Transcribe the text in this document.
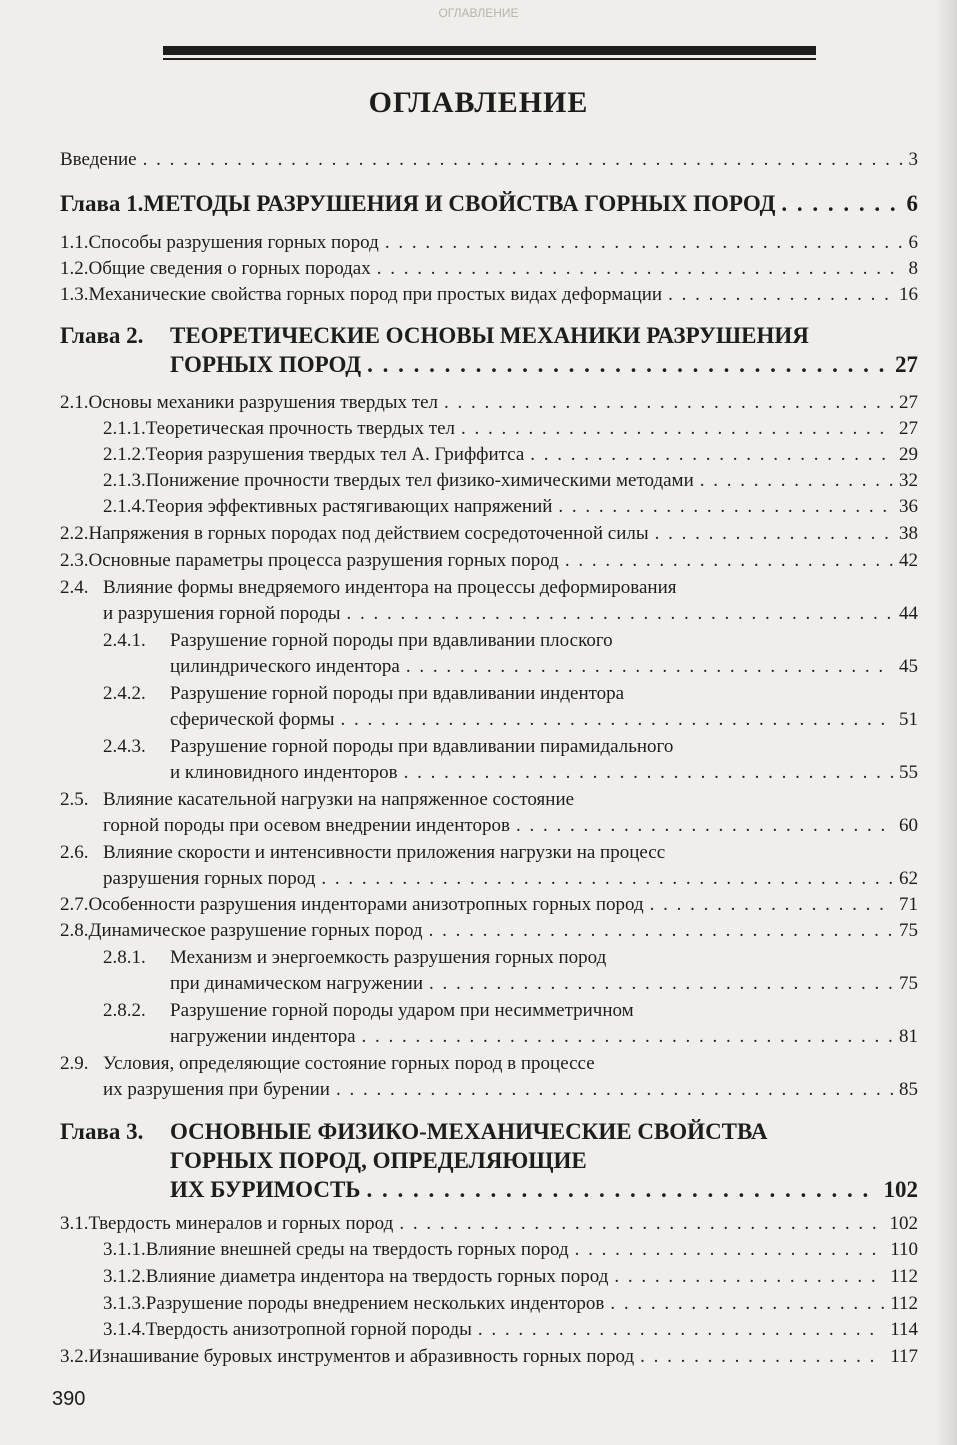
ОГЛАВЛЕНИЕ
ОГЛАВЛЕНИЕ
Введение . . .	3
Глава 1. МЕТОДЫ РАЗРУШЕНИЯ И СВОЙСТВА ГОРНЫХ ПОРОД . . .	6
1.1. Способы разрушения горных пород . . .	6
1.2. Общие сведения о горных породах . . .	8
1.3. Механические свойства горных пород при простых видах деформации . . .	16
Глава 2. ТЕОРЕТИЧЕСКИЕ ОСНОВЫ МЕХАНИКИ РАЗРУШЕНИЯ
ГОРНЫХ ПОРОД . . .	27
2.1. Основы механики разрушения твердых тел . . .	27
2.1.1. Теоретическая прочность твердых тел . . .	27
2.1.2. Теория разрушения твердых тел А. Гриффитса . . .	29
2.1.3. Понижение прочности твердых тел физико-химическими методами . . .	32
2.1.4. Теория эффективных растягивающих напряжений . . .	36
2.2. Напряжения в горных породах под действием сосредоточенной силы . . .	38
2.3. Основные параметры процесса разрушения горных пород . . .	42
2.4. Влияние формы внедряемого индентора на процессы деформирования
и разрушения горной породы . . .	44
2.4.1. Разрушение горной породы при вдавливании плоского
цилиндрического индентора . . .	45
2.4.2. Разрушение горной породы при вдавливании индентора
сферической формы . . .	51
2.4.3. Разрушение горной породы при вдавливании пирамидального
и клиновидного инденторов . . .	55
2.5. Влияние касательной нагрузки на напряженное состояние
горной породы при осевом внедрении инденторов . . .	60
2.6. Влияние скорости и интенсивности приложения нагрузки на процесс
разрушения горных пород . . .	62
2.7. Особенности разрушения инденторами анизотропных горных пород . . .	71
2.8. Динамическое разрушение горных пород . . .	75
2.8.1. Механизм и энергоемкость разрушения горных пород
при динамическом нагружении . . .	75
2.8.2. Разрушение горной породы ударом при несимметричном
нагружении индентора . . .	81
2.9. Условия, определяющие состояние горных пород в процессе
их разрушения при бурении . . .	85
Глава 3. ОСНОВНЫЕ ФИЗИКО-МЕХАНИЧЕСКИЕ СВОЙСТВА
ГОРНЫХ ПОРОД, ОПРЕДЕЛЯЮЩИЕ
ИХ БУРИМОСТЬ . . .	102
3.1. Твердость минералов и горных пород . . .	102
3.1.1. Влияние внешней среды на твердость горных пород . . .	110
3.1.2. Влияние диаметра индентора на твердость горных пород . . .	112
3.1.3. Разрушение породы внедрением нескольких инденторов . . .	112
3.1.4. Твердость анизотропной горной породы . . .	114
3.2. Изнашивание буровых инструментов и абразивность горных пород . . .	117
390
